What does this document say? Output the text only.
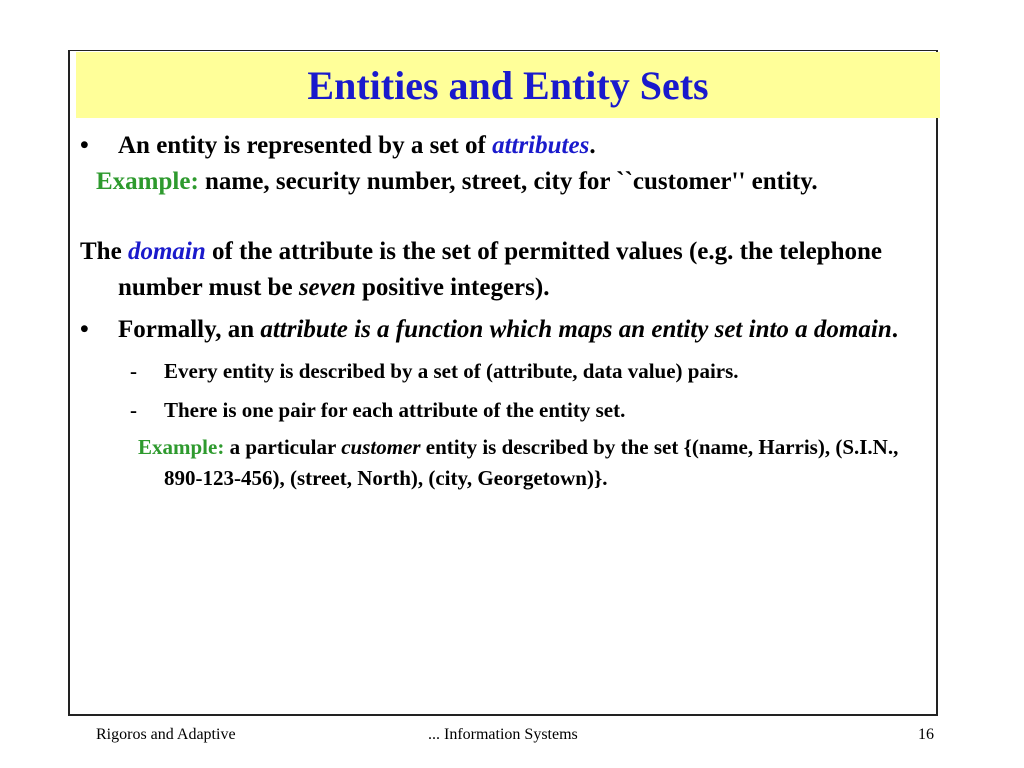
Entities and Entity Sets
• An entity is represented by a set of attributes.
Example: name, security number, street, city for ``customer'' entity.
The domain of the attribute is the set of permitted values (e.g. the telephone number must be seven positive integers).
• Formally, an attribute is a function which maps an entity set into a domain.
- Every entity is described by a set of (attribute, data value) pairs.
- There is one pair for each attribute of the entity set.
Example: a particular customer entity is described by the set {(name, Harris), (S.I.N., 890-123-456), (street, North), (city, Georgetown)}.
Rigoros and Adaptive	... Information Systems	16
